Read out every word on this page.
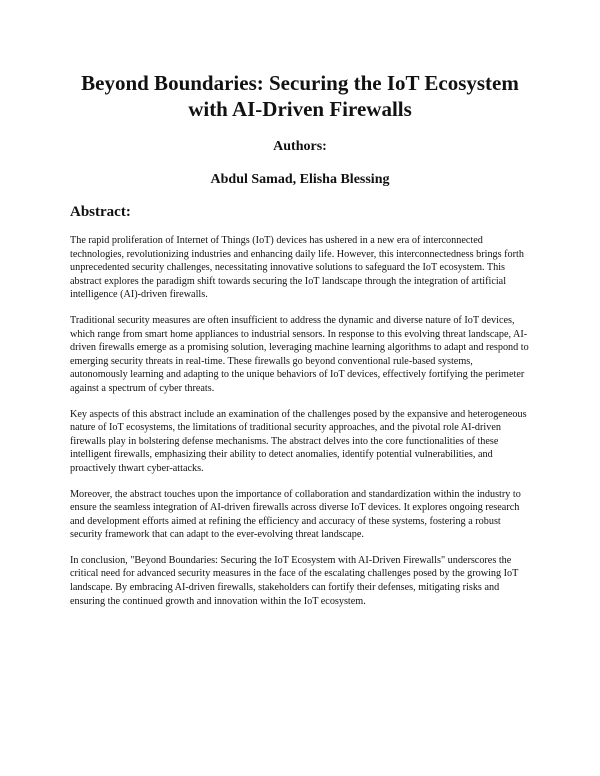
Beyond Boundaries: Securing the IoT Ecosystem with AI-Driven Firewalls
Authors:
Abdul Samad, Elisha Blessing
Abstract:

The rapid proliferation of Internet of Things (IoT) devices has ushered in a new era of interconnected technologies, revolutionizing industries and enhancing daily life. However, this interconnectedness brings forth unprecedented security challenges, necessitating innovative solutions to safeguard the IoT ecosystem. This abstract explores the paradigm shift towards securing the IoT landscape through the integration of artificial intelligence (AI)-driven firewalls.

Traditional security measures are often insufficient to address the dynamic and diverse nature of IoT devices, which range from smart home appliances to industrial sensors. In response to this evolving threat landscape, AI-driven firewalls emerge as a promising solution, leveraging machine learning algorithms to adapt and respond to emerging security threats in real-time. These firewalls go beyond conventional rule-based systems, autonomously learning and adapting to the unique behaviors of IoT devices, effectively fortifying the perimeter against a spectrum of cyber threats.

Key aspects of this abstract include an examination of the challenges posed by the expansive and heterogeneous nature of IoT ecosystems, the limitations of traditional security approaches, and the pivotal role AI-driven firewalls play in bolstering defense mechanisms. The abstract delves into the core functionalities of these intelligent firewalls, emphasizing their ability to detect anomalies, identify potential vulnerabilities, and proactively thwart cyber-attacks.

Moreover, the abstract touches upon the importance of collaboration and standardization within the industry to ensure the seamless integration of AI-driven firewalls across diverse IoT devices. It explores ongoing research and development efforts aimed at refining the efficiency and accuracy of these systems, fostering a robust security framework that can adapt to the ever-evolving threat landscape.

In conclusion, "Beyond Boundaries: Securing the IoT Ecosystem with AI-Driven Firewalls" underscores the critical need for advanced security measures in the face of the escalating challenges posed by the growing IoT landscape. By embracing AI-driven firewalls, stakeholders can fortify their defenses, mitigating risks and ensuring the continued growth and innovation within the IoT ecosystem.
